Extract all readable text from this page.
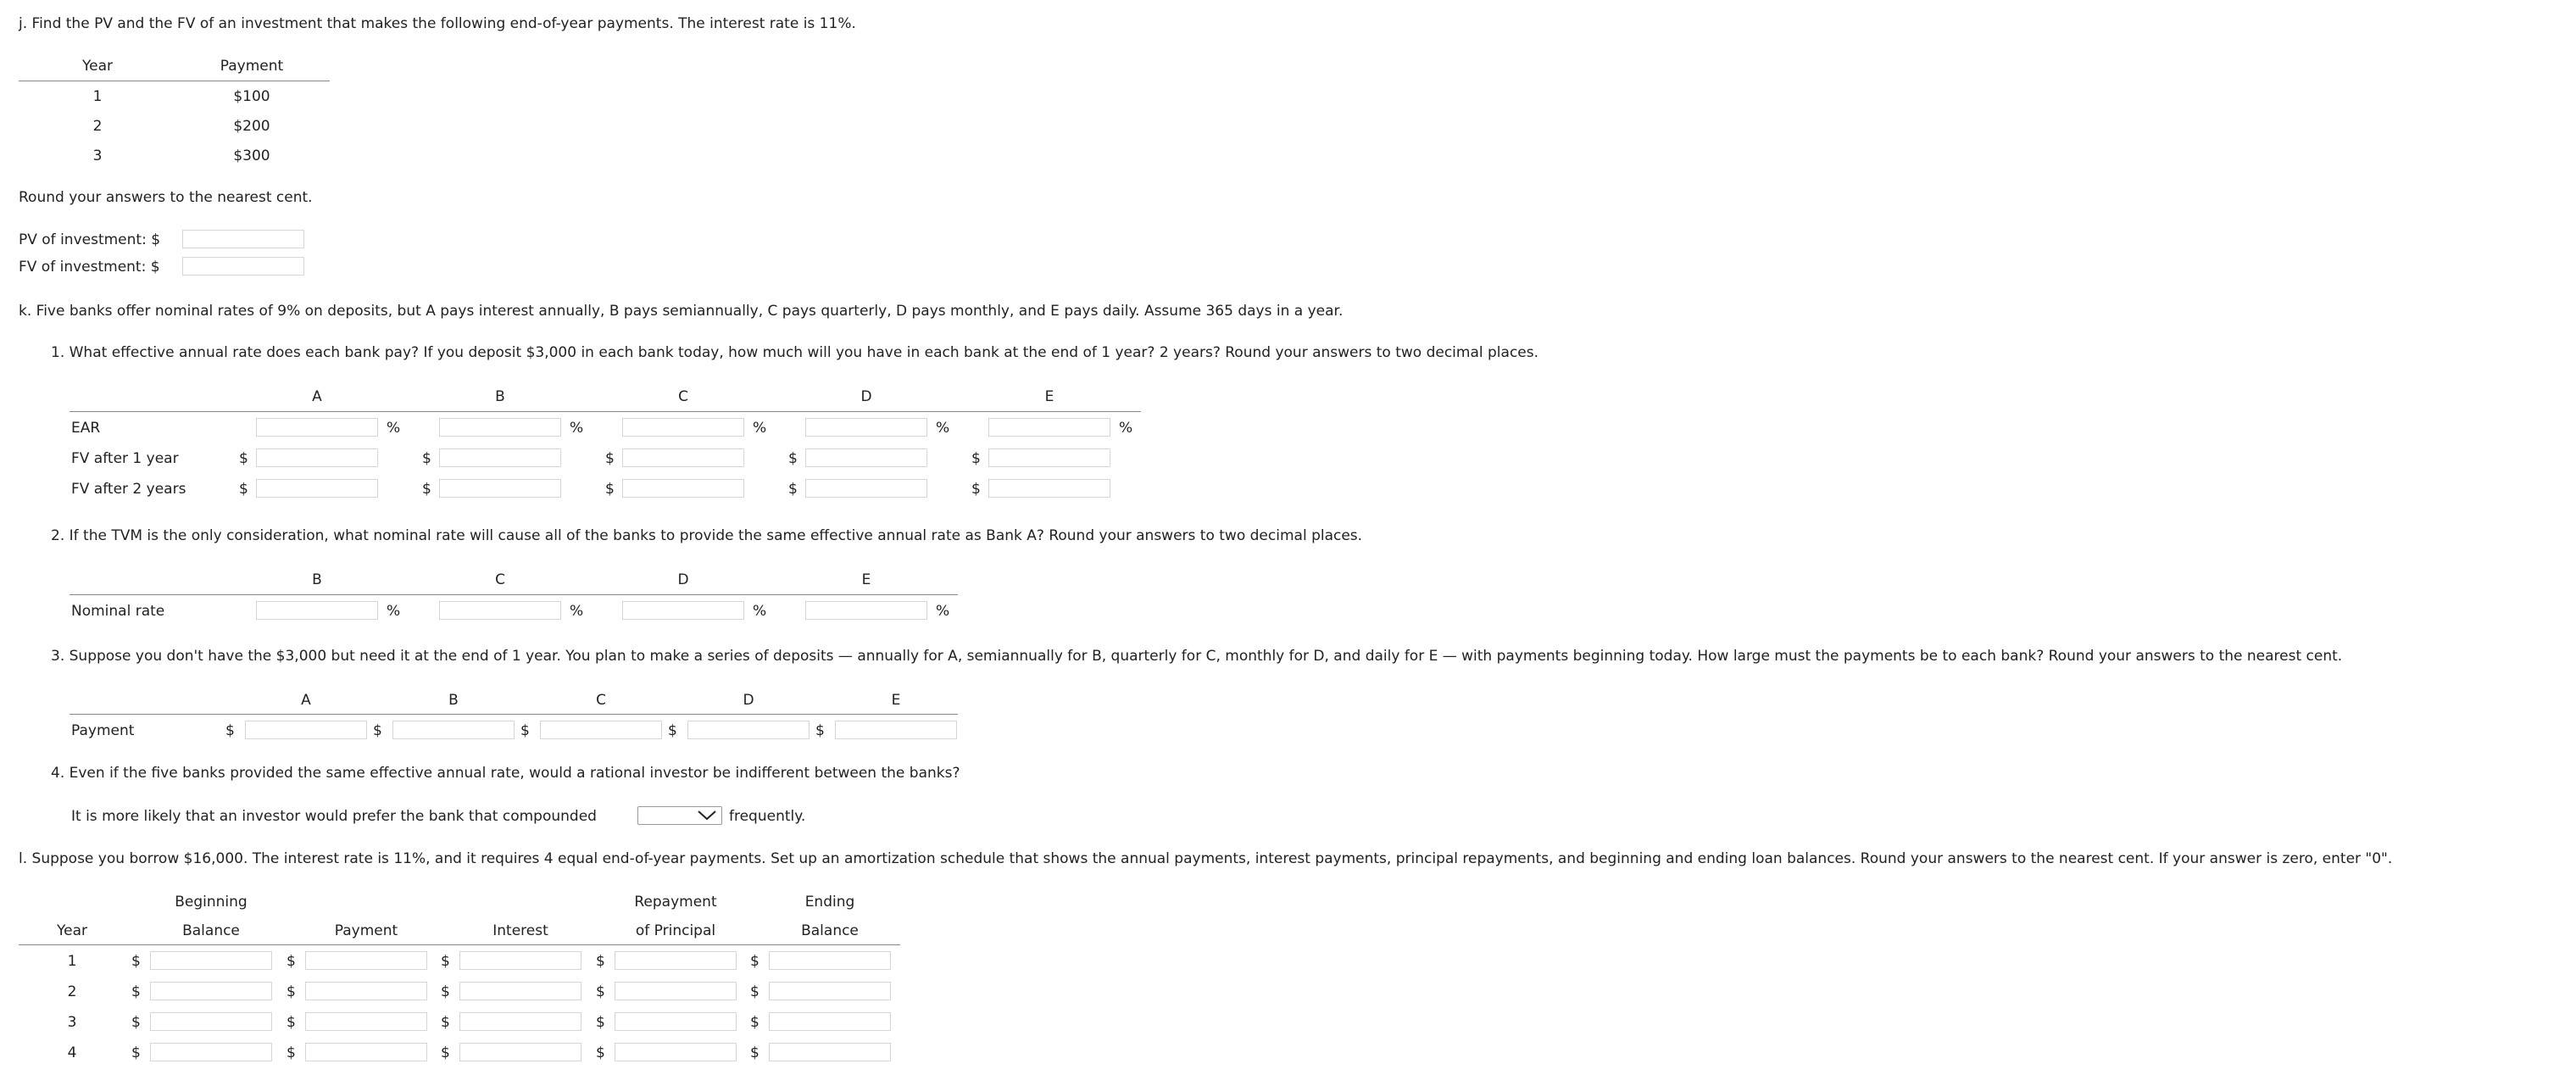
j. Find the PV and the FV of an investment that makes the following end-of-year payments. The interest rate is 11%.
Year	Payment
1	$100
2	$200
3	$300
Round your answers to the nearest cent.
PV of investment: $
FV of investment: $
k. Five banks offer nominal rates of 9% on deposits, but A pays interest annually, B pays semiannually, C pays quarterly, D pays monthly, and E pays daily. Assume 365 days in a year.
1. What effective annual rate does each bank pay? If you deposit $3,000 in each bank today, how much will you have in each bank at the end of 1 year? 2 years? Round your answers to two decimal places.
A	B	C	D	E
EAR	%	%	%	%	%
FV after 1 year	$	$	$	$	$
FV after 2 years	$	$	$	$	$
2. If the TVM is the only consideration, what nominal rate will cause all of the banks to provide the same effective annual rate as Bank A? Round your answers to two decimal places.
B	C	D	E
Nominal rate	%	%	%	%
3. Suppose you don't have the $3,000 but need it at the end of 1 year. You plan to make a series of deposits — annually for A, semiannually for B, quarterly for C, monthly for D, and daily for E — with payments beginning today. How large must the payments be to each bank? Round your answers to the nearest cent.
A	B	C	D	E
Payment	$	$	$	$	$
4. Even if the five banks provided the same effective annual rate, would a rational investor be indifferent between the banks?
It is more likely that an investor would prefer the bank that compounded	frequently.
l. Suppose you borrow $16,000. The interest rate is 11%, and it requires 4 equal end-of-year payments. Set up an amortization schedule that shows the annual payments, interest payments, principal repayments, and beginning and ending loan balances. Round your answers to the nearest cent. If your answer is zero, enter "0".
Beginning	Repayment	Ending
Year	Balance	Payment	Interest	of Principal	Balance
1	$	$	$	$	$
2	$	$	$	$	$
3	$	$	$	$	$
4	$	$	$	$	$
